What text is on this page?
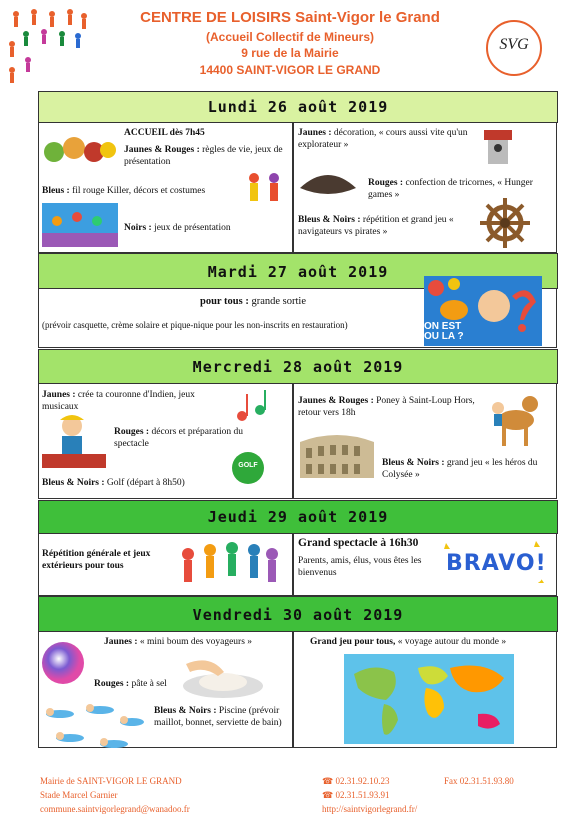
CENTRE DE LOISIRS Saint-Vigor le Grand
(Accueil Collectif de Mineurs)
9 rue de la Mairie
14400 SAINT-VIGOR LE GRAND
SVG
Lundi 26 août 2019
ACCUEIL dès 7h45
Jaunes & Rouges : règles de vie, jeux de présentation
Bleus : fil rouge Killer, décors et costumes
Noirs : jeux de présentation
Jaunes : décoration, « cours aussi vite qu'un explorateur »
Rouges : confection de tricornes, « Hunger games »
Bleus & Noirs : répétition et grand jeu « navigateurs vs pirates »
Mardi 27 août 2019
pour tous : grande sortie
(prévoir casquette, crème solaire et pique-nique pour les non-inscrits en restauration)	ON EST OU LA ?
Mercredi 28 août 2019
Jaunes : crée ta couronne d'Indien, jeux musicaux
Rouges : décors et préparation du spectacle
GOLF
Bleus & Noirs : Golf (départ à 8h50)
Jaunes & Rouges : Poney à Saint-Loup Hors, retour vers 18h
Bleus & Noirs : grand jeu « les héros du Colysée »
Jeudi 29 août 2019
Répétition générale et jeux extérieurs pour tous
Grand spectacle à 16h30
Parents, amis, élus, vous êtes les bienvenus	BRAVO!
Vendredi 30 août 2019
Jaunes : « mini boum des voyageurs »
Rouges : pâte à sel
Bleus & Noirs : Piscine (prévoir maillot, bonnet, serviette de bain)
Grand jeu pour tous, « voyage autour du monde »
Mairie de SAINT-VIGOR LE GRAND
Stade Marcel Garnier
commune.saintvigorlegrand@wanadoo.fr
☎ 02.31.92.10.23	Fax 02.31.51.93.80
☎ 02.31.51.93.91
http://saintvigorlegrand.fr/
